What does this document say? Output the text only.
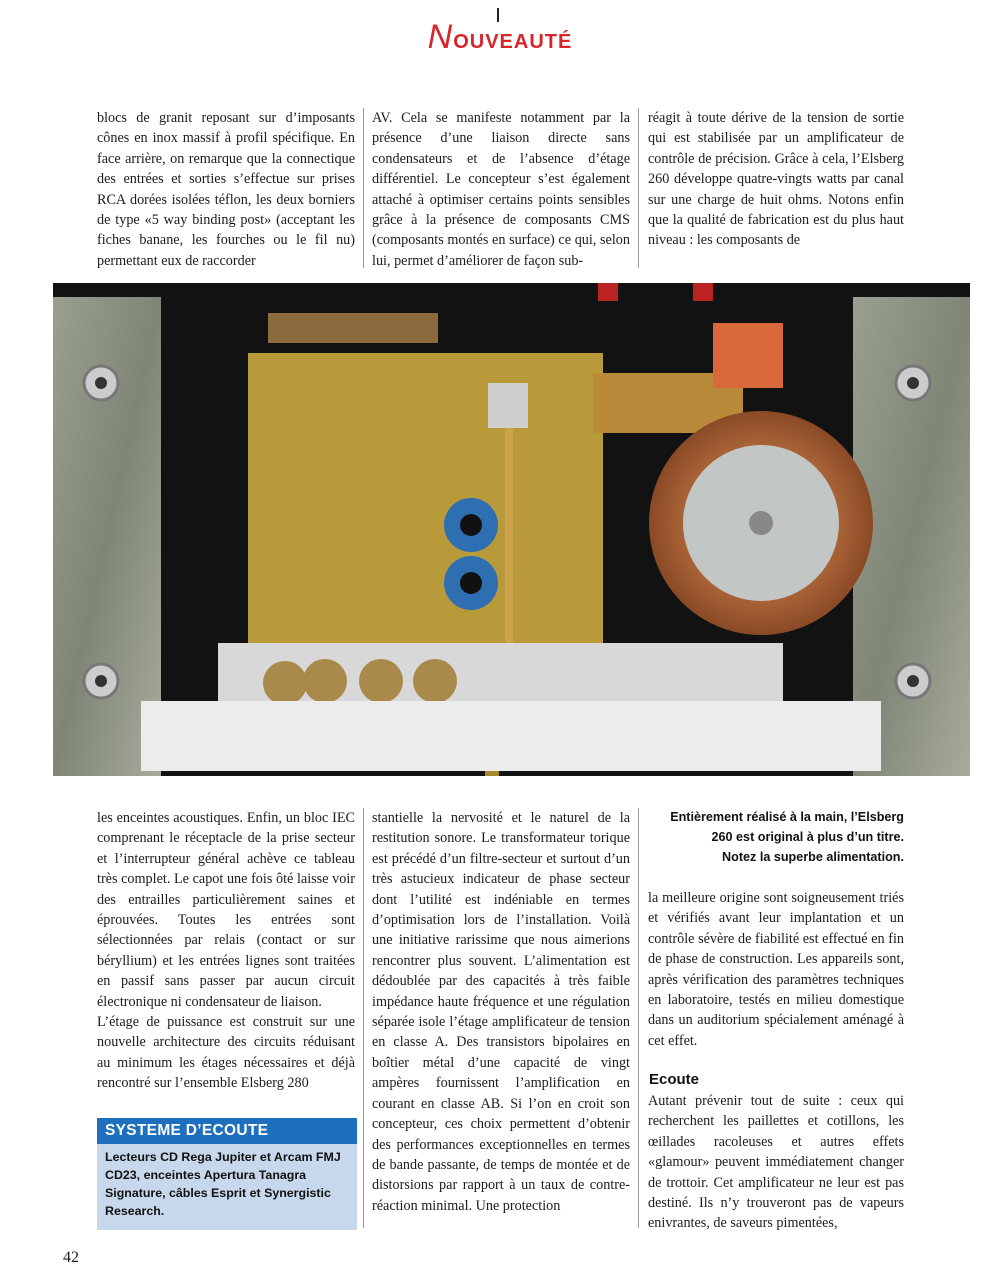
NOUVEAUTÉ

blocs de granit reposant sur d’imposants cônes en inox massif à profil spécifique. En face arrière, on remarque que la connectique des entrées et sorties s’effectue sur prises RCA dorées isolées téflon, les deux borniers de type «5 way binding post» (acceptant les fiches banane, les fourches ou le fil nu) permettant eux de raccorder

AV. Cela se manifeste notamment par la présence d’une liaison directe sans condensateurs et de l’absence d’étage différentiel. Le concepteur s’est également attaché à optimiser certains points sensibles grâce à la présence de composants CMS (composants montés en surface) ce qui, selon lui, permet d’améliorer de façon sub-

réagit à toute dérive de la tension de sortie qui est stabilisée par un amplificateur de contrôle de précision. Grâce à cela, l’Elsberg 260 développe quatre-vingts watts par canal sur une charge de huit ohms. Notons enfin que la qualité de fabrication est du plus haut niveau : les composants de

les enceintes acoustiques. Enfin, un bloc IEC comprenant le réceptacle de la prise secteur et l’interrupteur général achève ce tableau très complet. Le capot une fois ôté laisse voir des entrailles particulièrement saines et éprouvées. Toutes les entrées sont sélectionnées par relais (contact or sur béryllium) et les entrées lignes sont traitées en passif sans passer par aucun circuit électronique ni condensateur de liaison.

L’étage de puissance est construit sur une nouvelle architecture des circuits réduisant au minimum les étages nécessaires et déjà rencontré sur l’ensemble Elsberg 280

stantielle la nervosité et le naturel de la restitution sonore. Le transformateur torique est précédé d’un filtre-secteur et surtout d’un très astucieux indicateur de phase secteur dont l’utilité est indéniable en termes d’optimisation lors de l’installation. Voilà une initiative rarissime que nous aimerions rencontrer plus souvent. L’alimentation est dédoublée par des capacités à très faible impédance haute fréquence et une régulation séparée isole l’étage amplificateur de tension en classe A. Des transistors bipolaires en boîtier métal d’une capacité de vingt ampères fournissent l’amplification en courant en classe AB. Si l’on en croit son concepteur, ces choix permettent d’obtenir des performances exceptionnelles en termes de bande passante, de temps de montée et de distorsions par rapport à un taux de contre-réaction minimal. Une protection

Entièrement réalisé à la main, l’Elsberg
260 est original à plus d’un titre.
Notez la superbe alimentation.

la meilleure origine sont soigneusement triés et vérifiés avant leur implantation et un contrôle sévère de fiabilité est effectué en fin de phase de construction. Les appareils sont, après vérification des paramètres techniques en laboratoire, testés en milieu domestique dans un auditorium spécialement aménagé à cet effet.

Ecoute

Autant prévenir tout de suite : ceux qui recherchent les paillettes et cotillons, les œillades racoleuses et autres effets «glamour» peuvent immédiatement changer de trottoir. Cet amplificateur ne leur est pas destiné. Ils n’y trouveront pas de vapeurs enivrantes, de saveurs pimentées,

SYSTEME D’ECOUTE
Lecteurs CD Rega Jupiter et Arcam FMJ CD23, enceintes Apertura Tanagra Signature, câbles Esprit et Synergistic Research.
42
